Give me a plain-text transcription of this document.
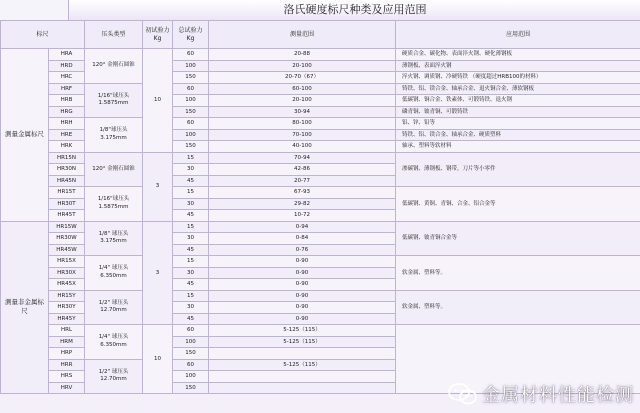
洛氏硬度标尺种类及应用范围
标尺		压头类型	初试验力 Kg	总试验力 Kg	测量范围	应用范围
测量金属标尺	HRA	120° 金刚石圆锥	10	60	20-88	硬质合金、碳化物、表面淬火钢、硬化薄钢板
	HRD			100	20-100	薄钢板、表面淬火钢
	HRC			150	20-70（67）	淬火钢、调质钢、冷硬铸铁 （硬度超过HRB100的材料）
	HRF	1/16"球压头 1.5875mm		60	60-100	铸铁、铝、镁合金、轴承合金、退火铜合金、薄软钢板
	HRB			100	20-100	低碳钢、铜合金、铁素体、可锻铸铁、退火钢
	HRG			150	30-94	磷青铜、铍青铜、可锻铸铁
	HRH	1/8"球压头 3.175mm		60	80-100	铝、锌、铅等
	HRE			100	70-100	铸铁、铝、镁合金、轴承合金、硬质塑料
	HRK			150	40-100	轴承、塑料等软材料
	HR15N	120° 金刚石圆锥	3	15	70-94	渗碳钢、薄钢板、钢带，刀片等小零件
	HR30N			30	42-86	
	HR45N			45	20-77	
	HR15T	1/16"球压头 1.5875mm		15	67-93	低碳钢、黄铜、青铜、合金、铝合金等
	HR30T			30	29-82	
	HR45T			45	10-72	
测量非金属标尺	HR15W	1/8" 球压头 3.175mm	3	15	0-94	低碳钢、铍青铜合金等
	HR30W			30	0-84	
	HR45W			45	0-76	
	HR15X	1/4" 球压头 6.350mm		15	0-90	软金属、塑料等。
	HR30X			30	0-90	
	HR45X			45	0-90	
	HR15Y	1/2" 球压头 12.70mm		15	0-90	软金属、塑料等。
	HR30Y			30	0-90	
	HR45Y			45	0-90	
	HRL	1/4" 球压头 6.350mm	10	60	5-125（115）	
	HRM			100	5-125（115）	
	HRP			150		
	HRR	1/2" 球压头 12.70mm		60	5-125（115）	
	HRS			100		
	HRV			150			金属材料性能检测
